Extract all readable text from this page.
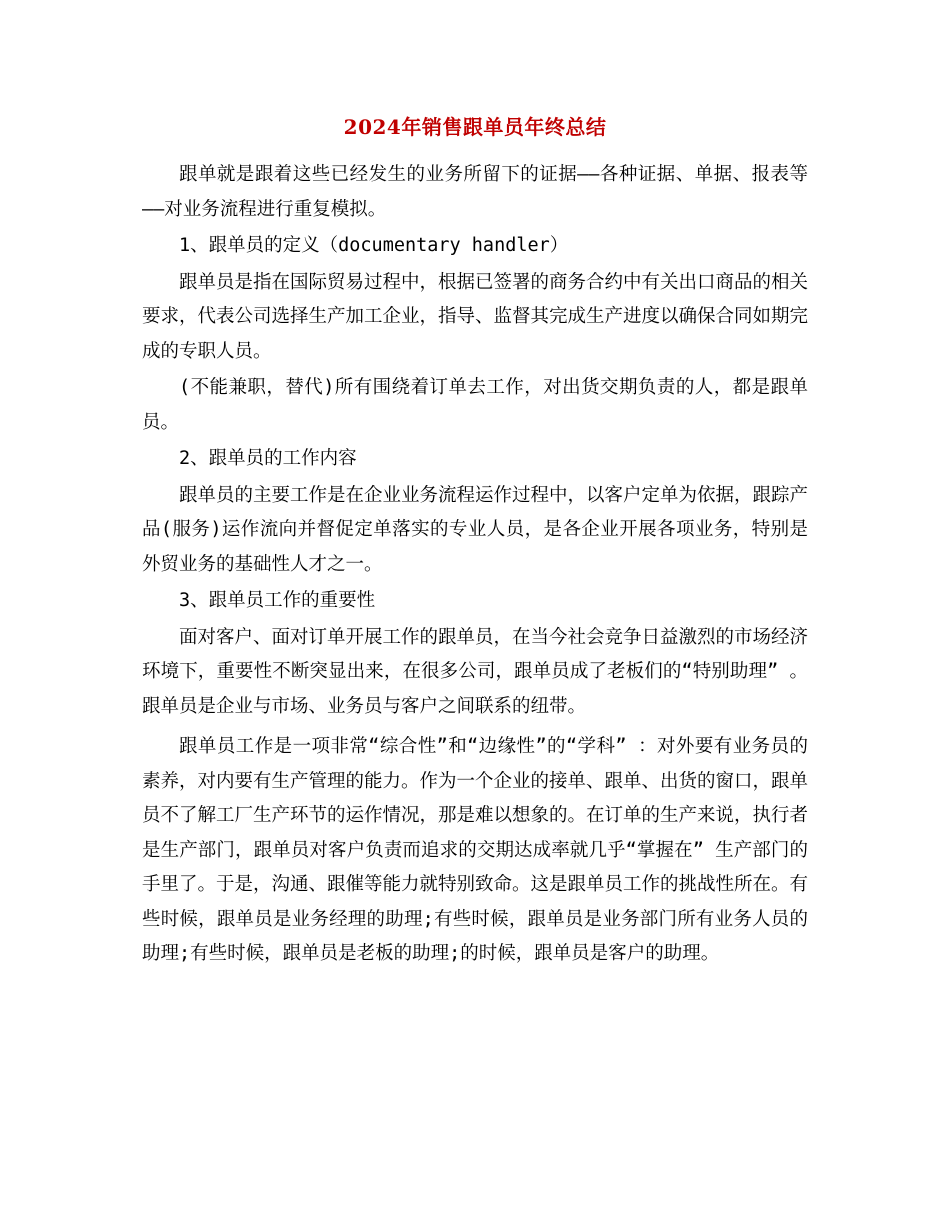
2024年销售跟单员年终总结

跟单就是跟着这些已经发生的业务所留下的证据——各种证据、单据、报表等——对业务流程进行重复模拟。

1、跟单员的定义（documentary handler）

跟单员是指在国际贸易过程中，根据已签署的商务合约中有关出口商品的相关要求，代表公司选择生产加工企业，指导、监督其完成生产进度以确保合同如期完成的专职人员。

(不能兼职，替代)所有围绕着订单去工作，对出货交期负责的人，都是跟单员。

2、跟单员的工作内容

跟单员的主要工作是在企业业务流程运作过程中，以客户定单为依据，跟踪产品(服务)运作流向并督促定单落实的专业人员，是各企业开展各项业务，特别是外贸业务的基础性人才之一。

3、跟单员工作的重要性

面对客户、面对订单开展工作的跟单员，在当今社会竞争日益激烈的市场经济环境下，重要性不断突显出来，在很多公司，跟单员成了老板们的“特别助理” 。跟单员是企业与市场、业务员与客户之间联系的纽带。

跟单员工作是一项非常“综合性”和“边缘性”的“学科” ：对外要有业务员的素养，对内要有生产管理的能力。作为一个企业的接单、跟单、出货的窗口，跟单员不了解工厂生产环节的运作情况，那是难以想象的。在订单的生产来说，执行者是生产部门，跟单员对客户负责而追求的交期达成率就几乎“掌握在” 生产部门的手里了。于是，沟通、跟催等能力就特别致命。这是跟单员工作的挑战性所在。有些时候，跟单员是业务经理的助理;有些时候，跟单员是业务部门所有业务人员的助理;有些时候，跟单员是老板的助理;的时候，跟单员是客户的助理。
